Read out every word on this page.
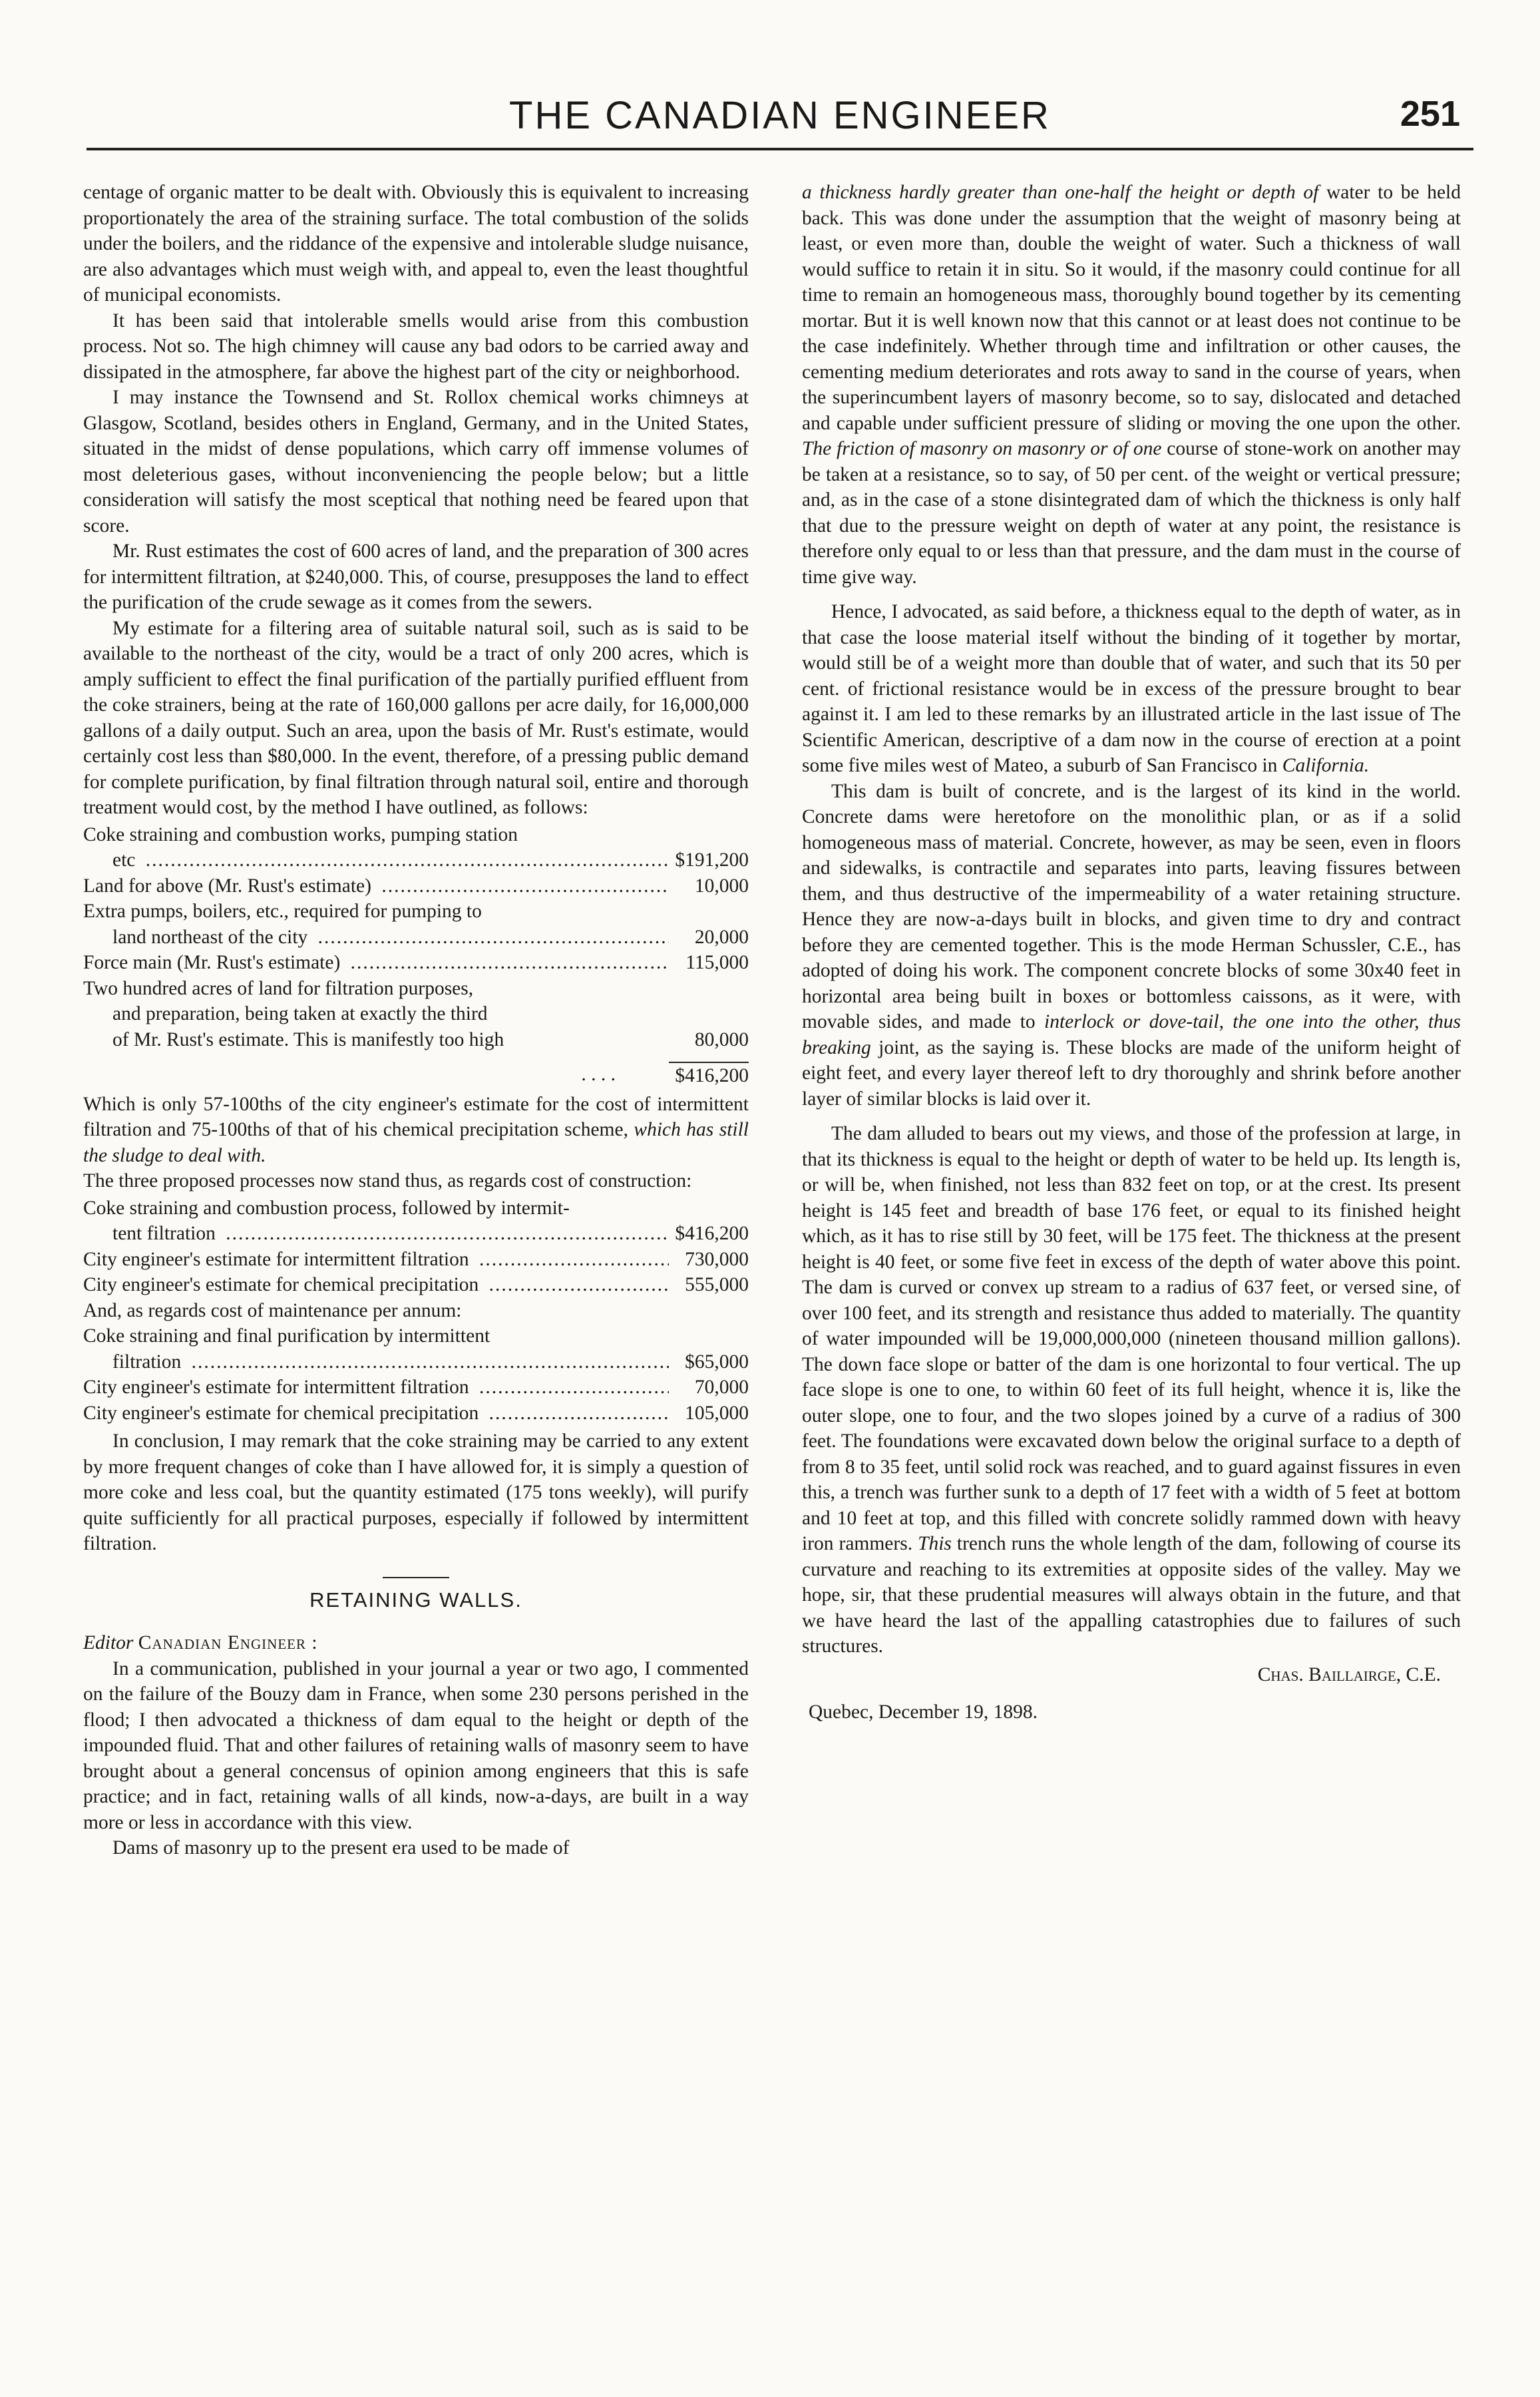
THE CANADIAN ENGINEER	251

centage of organic matter to be dealt with. Obviously this is equivalent to increasing proportionately the area of the straining surface. The total combustion of the solids under the boilers, and the riddance of the expensive and intolerable sludge nuisance, are also advantages which must weigh with, and appeal to, even the least thoughtful of municipal economists.

It has been said that intolerable smells would arise from this combustion process. Not so. The high chimney will cause any bad odors to be carried away and dissipated in the atmosphere, far above the highest part of the city or neighborhood.

I may instance the Townsend and St. Rollox chemical works chimneys at Glasgow, Scotland, besides others in England, Germany, and in the United States, situated in the midst of dense populations, which carry off immense volumes of most deleterious gases, without inconveniencing the people below; but a little consideration will satisfy the most sceptical that nothing need be feared upon that score.

Mr. Rust estimates the cost of 600 acres of land, and the preparation of 300 acres for intermittent filtration, at $240,000. This, of course, presupposes the land to effect the purification of the crude sewage as it comes from the sewers.

My estimate for a filtering area of suitable natural soil, such as is said to be available to the northeast of the city, would be a tract of only 200 acres, which is amply sufficient to effect the final purification of the partially purified effluent from the coke strainers, being at the rate of 160,000 gallons per acre daily, for 16,000,000 gallons of a daily output. Such an area, upon the basis of Mr. Rust's estimate, would certainly cost less than $80,000. In the event, therefore, of a pressing public demand for complete purification, by final filtration through natural soil, entire and thorough treatment would cost, by the method I have outlined, as follows:

Coke straining and combustion works, pumping station
etc .....	$191,200
Land for above (Mr. Rust's estimate) .....	10,000
Extra pumps, boilers, etc., required for pumping to
land northeast of the city .....	20,000
Force main (Mr. Rust's estimate) .....	115,000
Two hundred acres of land for filtration purposes,
and preparation, being taken at exactly the third
of Mr. Rust's estimate. This is manifestly too high	80,000
. . . .	$416,200

Which is only 57-100ths of the city engineer's estimate for the cost of intermittent filtration and 75-100ths of that of his chemical precipitation scheme, which has still the sludge to deal with.

The three proposed processes now stand thus, as regards cost of construction:

Coke straining and combustion process, followed by intermit-
tent filtration .....	$416,200
City engineer's estimate for intermittent filtration .....	730,000
City engineer's estimate for chemical precipitation .....	555,000
And, as regards cost of maintenance per annum:
Coke straining and final purification by intermittent
filtration .....	$65,000
City engineer's estimate for intermittent filtration .....	70,000
City engineer's estimate for chemical precipitation .....	105,000

In conclusion, I may remark that the coke straining may be carried to any extent by more frequent changes of coke than I have allowed for, it is simply a question of more coke and less coal, but the quantity estimated (175 tons weekly), will purify quite sufficiently for all practical purposes, especially if followed by intermittent filtration.

RETAINING WALLS.
Editor Canadian Engineer :

In a communication, published in your journal a year or two ago, I commented on the failure of the Bouzy dam in France, when some 230 persons perished in the flood; I then advocated a thickness of dam equal to the height or depth of the impounded fluid. That and other failures of retaining walls of masonry seem to have brought about a general concensus of opinion among engineers that this is safe practice; and in fact, retaining walls of all kinds, now-a-days, are built in a way more or less in accordance with this view.

Dams of masonry up to the present era used to be made of

a thickness hardly greater than one-half the height or depth of water to be held back. This was done under the assumption that the weight of masonry being at least, or even more than, double the weight of water. Such a thickness of wall would suffice to retain it in situ. So it would, if the masonry could continue for all time to remain an homogeneous mass, thoroughly bound together by its cementing mortar. But it is well known now that this cannot or at least does not continue to be the case indefinitely. Whether through time and infiltration or other causes, the cementing medium deteriorates and rots away to sand in the course of years, when the superincumbent layers of masonry become, so to say, dislocated and detached and capable under sufficient pressure of sliding or moving the one upon the other. The friction of masonry on masonry or of one course of stone-work on another may be taken at a resistance, so to say, of 50 per cent. of the weight or vertical pressure; and, as in the case of a stone disintegrated dam of which the thickness is only half that due to the pressure weight on depth of water at any point, the resistance is therefore only equal to or less than that pressure, and the dam must in the course of time give way.

Hence, I advocated, as said before, a thickness equal to the depth of water, as in that case the loose material itself without the binding of it together by mortar, would still be of a weight more than double that of water, and such that its 50 per cent. of frictional resistance would be in excess of the pressure brought to bear against it. I am led to these remarks by an illustrated article in the last issue of The Scientific American, descriptive of a dam now in the course of erection at a point some five miles west of Mateo, a suburb of San Francisco in California.

This dam is built of concrete, and is the largest of its kind in the world. Concrete dams were heretofore on the monolithic plan, or as if a solid homogeneous mass of material. Concrete, however, as may be seen, even in floors and sidewalks, is contractile and separates into parts, leaving fissures between them, and thus destructive of the impermeability of a water retaining structure. Hence they are now-a-days built in blocks, and given time to dry and contract before they are cemented together. This is the mode Herman Schussler, C.E., has adopted of doing his work. The component concrete blocks of some 30x40 feet in horizontal area being built in boxes or bottomless caissons, as it were, with movable sides, and made to interlock or dove-tail, the one into the other, thus breaking joint, as the saying is. These blocks are made of the uniform height of eight feet, and every layer thereof left to dry thoroughly and shrink before another layer of similar blocks is laid over it.

The dam alluded to bears out my views, and those of the profession at large, in that its thickness is equal to the height or depth of water to be held up. Its length is, or will be, when finished, not less than 832 feet on top, or at the crest. Its present height is 145 feet and breadth of base 176 feet, or equal to its finished height which, as it has to rise still by 30 feet, will be 175 feet. The thickness at the present height is 40 feet, or some five feet in excess of the depth of water above this point. The dam is curved or convex up stream to a radius of 637 feet, or versed sine, of over 100 feet, and its strength and resistance thus added to materially. The quantity of water impounded will be 19,000,000,000 (nineteen thousand million gallons). The down face slope or batter of the dam is one horizontal to four vertical. The up face slope is one to one, to within 60 feet of its full height, whence it is, like the outer slope, one to four, and the two slopes joined by a curve of a radius of 300 feet. The foundations were excavated down below the original surface to a depth of from 8 to 35 feet, until solid rock was reached, and to guard against fissures in even this, a trench was further sunk to a depth of 17 feet with a width of 5 feet at bottom and 10 feet at top, and this filled with concrete solidly rammed down with heavy iron rammers. This trench runs the whole length of the dam, following of course its curvature and reaching to its extremities at opposite sides of the valley. May we hope, sir, that these prudential measures will always obtain in the future, and that we have heard the last of the appalling catastrophies due to failures of such structures.

Chas. Baillairge, C.E.
Quebec, December 19, 1898.
